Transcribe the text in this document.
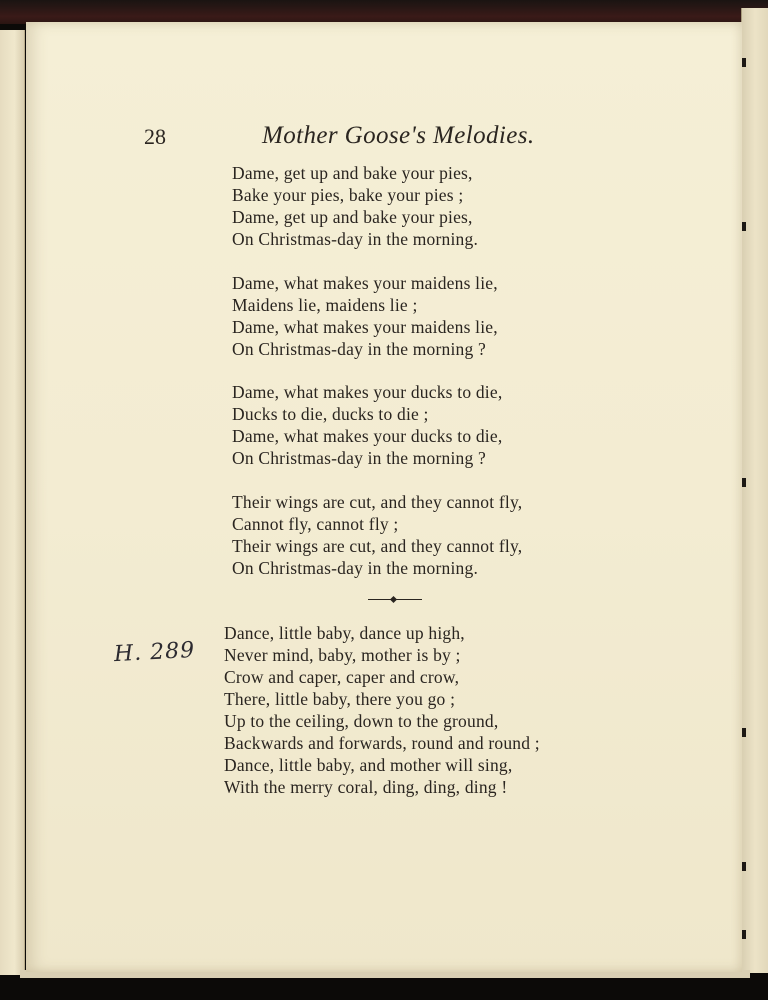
28	Mother Goose's Melodies.
Dame, get up and bake your pies,
Bake your pies, bake your pies ;
Dame, get up and bake your pies,
On Christmas-day in the morning.
Dame, what makes your maidens lie,
Maidens lie, maidens lie ;
Dame, what makes your maidens lie,
On Christmas-day in the morning ?
Dame, what makes your ducks to die,
Ducks to die, ducks to die ;
Dame, what makes your ducks to die,
On Christmas-day in the morning ?
Their wings are cut, and they cannot fly,
Cannot fly, cannot fly ;
Their wings are cut, and they cannot fly,
On Christmas-day in the morning.
H. 289
Dance, little baby, dance up high,
Never mind, baby, mother is by ;
Crow and caper, caper and crow,
There, little baby, there you go ;
Up to the ceiling, down to the ground,
Backwards and forwards, round and round ;
Dance, little baby, and mother will sing,
With the merry coral, ding, ding, ding !
